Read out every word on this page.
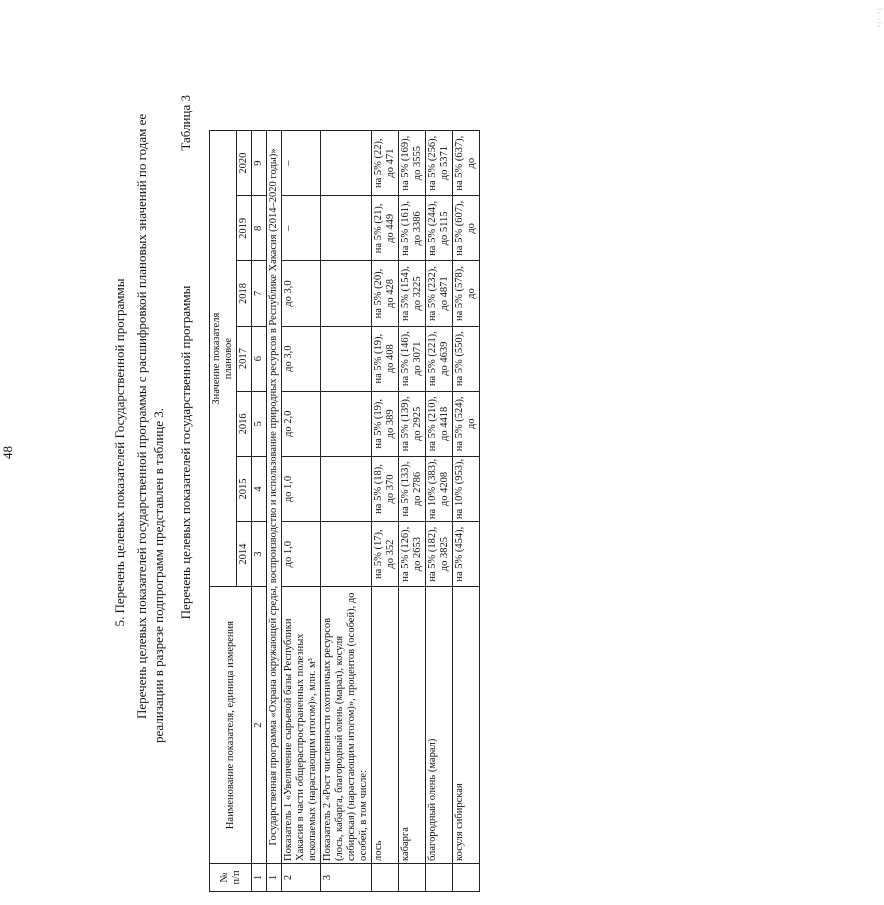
48	5. Перечень целевых показателей Государственной программы Перечень целевых показателей государственной программы с расшифровкой плановых значений по годам ее реализации в разрезе подпрограмм представлен в таблице 3. Перечень целевых показателей государственной программы
Таблица 3
№
п/п	Наименование показателя, единица измерения	Значение показателя
плановое						
		2014	2015	2016	2017	2018	2019	2020
1	2	3	4	5	6	7	8	9
1	Государственная программа «Охрана окружающей среды, воспроизводство и использование природных ресурсов в Республике Хакасия (2014–2020 годы)»							
2	Показатель 1 «Увеличение сырьевой базы Республики Хакасия в части общераспространенных полезных ископаемых (нарастающим итогом)», млн. м³	до 1,0	до 1,0	до 2,0	до 3,0	до 3,0	–	–
3	Показатель 2 «Рост численности охотничьих ресурсов (лось, кабарга, благородный олень (марал), косуля сибирская) (нарастающим итогом)», процентов (особей), до особей, в том числе:							
	лось	на 5% (17), до 352	на 5% (18), до 370	на 5% (19), до 389	на 5% (19), до 408	на 5% (20), до 428	на 5% (21), до 449	на 5% (22), до 471
	кабарга	на 5% (126), до 2653	на 5% (133), до 2786	на 5% (139), до 2925	на 5% (146), до 3071	на 5% (154), до 3225	на 5% (161), до 3386	на 5% (169), до 3555
	благородный олень (марал)	на 5% (182), до 3825	на 10% (383), до 4208	на 5% (210), до 4418	на 5% (221), до 4639	на 5% (232), до 4871	на 5% (244), до 5115	на 5% (256), до 5371
	косуля сибирская	на 5% (454),	на 10% (953),	на 5% (524), до	на 5% (550),	на 5% (578), до	на 5% (607), до	на 5% (637), до
·:· ·:
